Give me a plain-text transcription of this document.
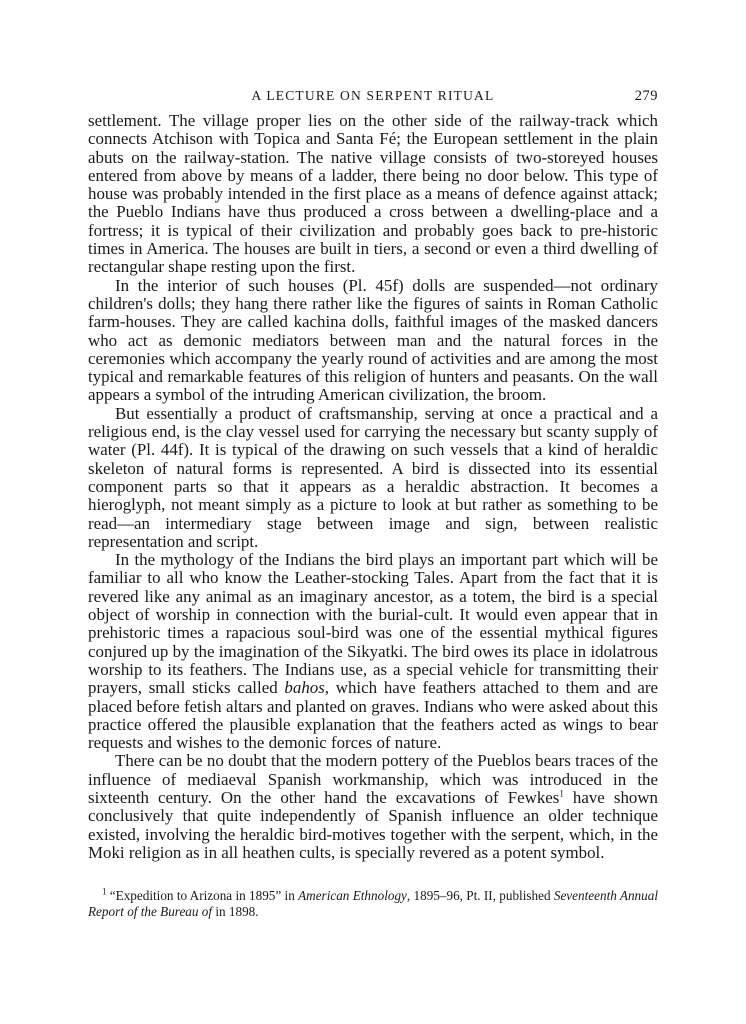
A LECTURE ON SERPENT RITUAL	279

settlement. The village proper lies on the other side of the railway-track which connects Atchison with Topica and Santa Fé; the European settlement in the plain abuts on the railway-station. The native village consists of two-storeyed houses entered from above by means of a ladder, there being no door below. This type of house was probably intended in the first place as a means of defence against attack; the Pueblo Indians have thus produced a cross between a dwelling-place and a fortress; it is typical of their civilization and probably goes back to pre-historic times in America. The houses are built in tiers, a second or even a third dwelling of rectangular shape resting upon the first.

In the interior of such houses (Pl. 45f) dolls are suspended—not ordinary children's dolls; they hang there rather like the figures of saints in Roman Catholic farm-houses. They are called kachina dolls, faithful images of the masked dancers who act as demonic mediators between man and the natural forces in the ceremonies which accompany the yearly round of activities and are among the most typical and remarkable features of this religion of hunters and peasants. On the wall appears a symbol of the intruding American civilization, the broom.

But essentially a product of craftsmanship, serving at once a practical and a religious end, is the clay vessel used for carrying the necessary but scanty supply of water (Pl. 44f). It is typical of the drawing on such vessels that a kind of heraldic skeleton of natural forms is represented. A bird is dissected into its essential component parts so that it appears as a heraldic abstraction. It becomes a hieroglyph, not meant simply as a picture to look at but rather as something to be read—an intermediary stage between image and sign, between realistic representation and script.

In the mythology of the Indians the bird plays an important part which will be familiar to all who know the Leather-stocking Tales. Apart from the fact that it is revered like any animal as an imaginary ancestor, as a totem, the bird is a special object of worship in connection with the burial-cult. It would even appear that in prehistoric times a rapacious soul-bird was one of the essential mythical figures conjured up by the imagination of the Sikyatki. The bird owes its place in idolatrous worship to its feathers. The Indians use, as a special vehicle for transmitting their prayers, small sticks called bahos, which have feathers attached to them and are placed before fetish altars and planted on graves. Indians who were asked about this practice offered the plausible explanation that the feathers acted as wings to bear requests and wishes to the demonic forces of nature.

There can be no doubt that the modern pottery of the Pueblos bears traces of the influence of mediaeval Spanish workmanship, which was introduced in the sixteenth century. On the other hand the excavations of Fewkes$^1$ have shown conclusively that quite independently of Spanish influence an older technique existed, involving the heraldic bird-motives together with the serpent, which, in the Moki religion as in all heathen cults, is specially revered as a potent symbol.

$^1$ “Expedition to Arizona in 1895” in American Ethnology, 1895–96, Pt. II, published Seventeenth Annual Report of the Bureau of in 1898.
